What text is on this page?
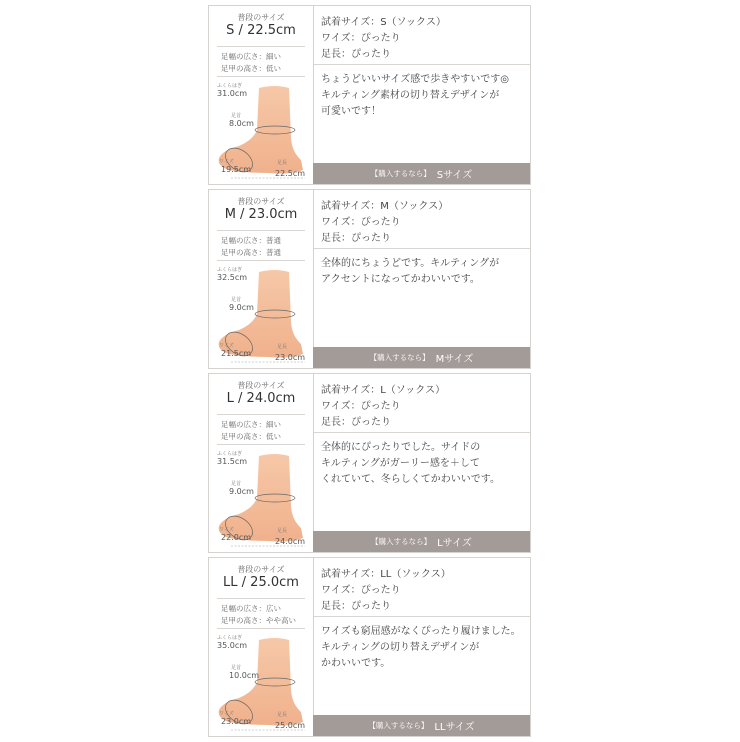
普段のサイズ
S / 22.5cm
足幅の広さ：細い
足甲の高さ：低い
ふくらはぎ
31.0cm
足首
8.0cm
ワイズ
19.5cm
足長
22.5cm
試着サイズ：S（ソックス）
ワイズ：ぴったり
足長：ぴったり
ちょうどいいサイズ感で歩きやすいです◎
キルティング素材の切り替えデザインが
可愛いです！
【購入するなら】 Sサイズ
普段のサイズ
M / 23.0cm
足幅の広さ：普通
足甲の高さ：普通
ふくらはぎ
32.5cm
足首
9.0cm
ワイズ
21.5cm
足長
23.0cm
試着サイズ：M（ソックス）
ワイズ：ぴったり
足長：ぴったり
全体的にちょうどです。キルティングが
アクセントになってかわいいです。
【購入するなら】 Mサイズ
普段のサイズ
L / 24.0cm
足幅の広さ：細い
足甲の高さ：低い
ふくらはぎ
31.5cm
足首
9.0cm
ワイズ
22.0cm
足長
24.0cm
試着サイズ：L（ソックス）
ワイズ：ぴったり
足長：ぴったり
全体的にぴったりでした。サイドの
キルティングがガーリー感を＋して
くれていて、冬らしくてかわいいです。
【購入するなら】 Lサイズ
普段のサイズ
LL / 25.0cm
足幅の広さ：広い
足甲の高さ：やや高い
ふくらはぎ
35.0cm
足首
10.0cm
ワイズ
23.0cm
足長
25.0cm
試着サイズ：LL（ソックス）
ワイズ：ぴったり
足長：ぴったり
ワイズも窮屈感がなくぴったり履けました。
キルティングの切り替えデザインが
かわいいです。
【購入するなら】 LLサイズ
